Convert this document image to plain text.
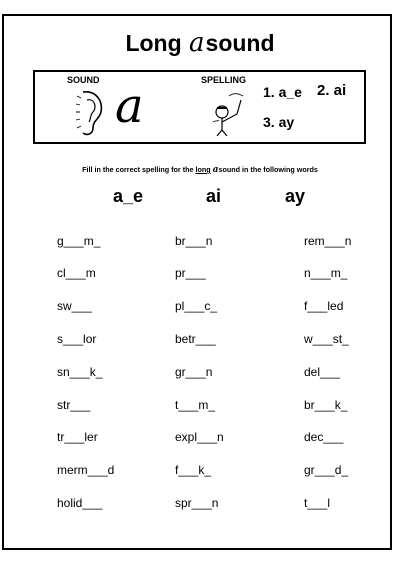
Long asound
SOUND	SPELLING
a	1. a_e 2. ai
3. ay
Fill in the correct spelling for the long asound in the following words
a_e	ai	ay
g___m_	br___n	rem___n
cl___m	pr___	n___m_
sw___	pl___c_	f___led
s___lor	betr___	w___st_
sn___k_	gr___n	del___
str___	t___m_	br___k_
tr___ler	expl___n	dec___
merm___d	f___k_	gr___d_
holid___	spr___n	t___l
